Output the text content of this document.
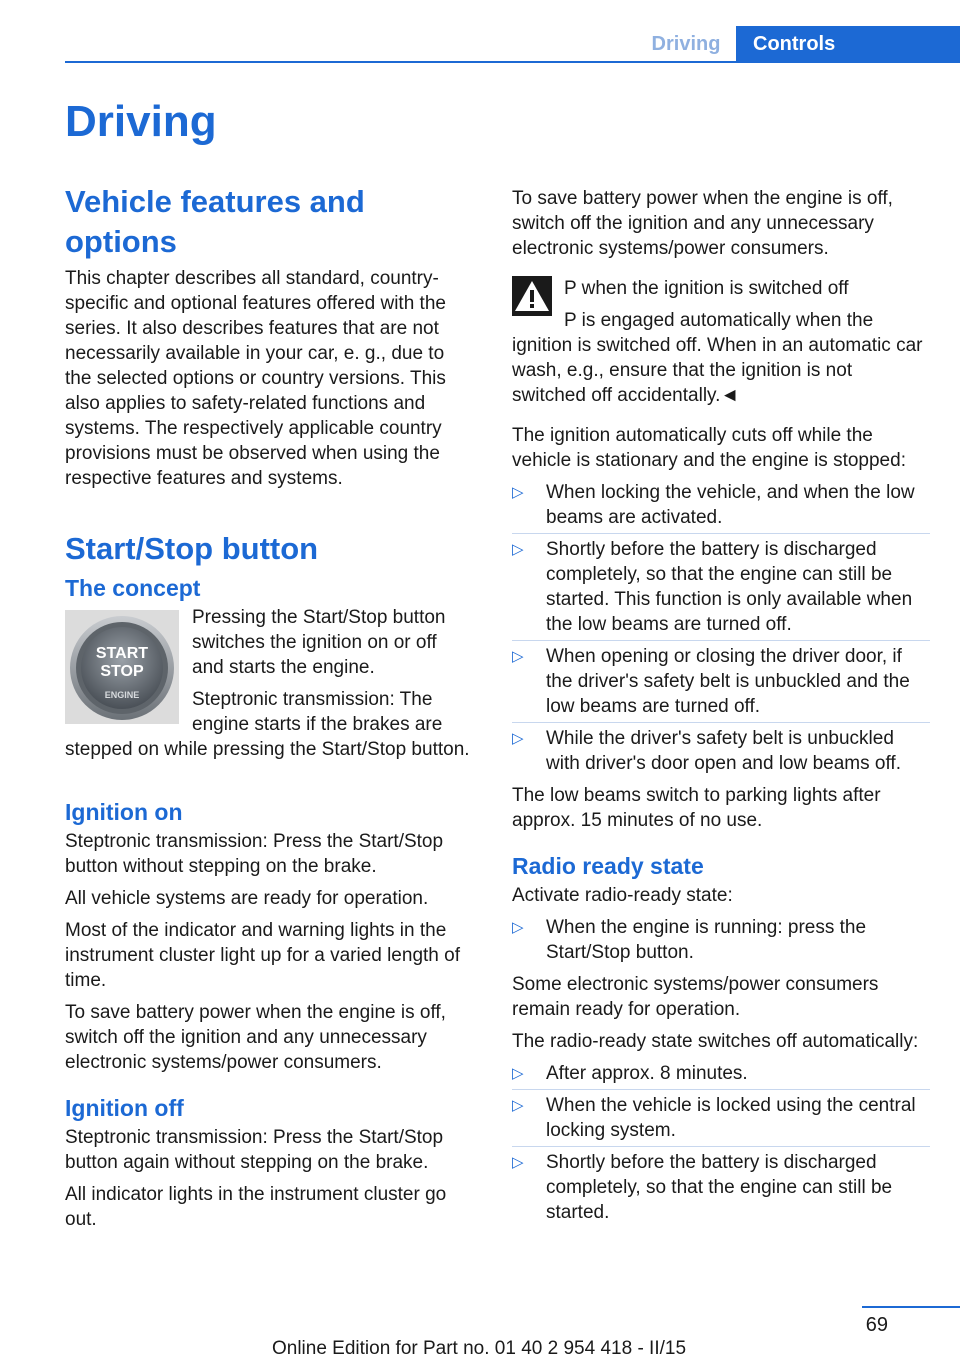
Driving	Controls
Driving
Vehicle features and options

This chapter describes all standard, country-specific and optional features offered with the series. It also describes features that are not necessarily available in your car, e. g., due to the selected options or country versions. This also applies to safety-related functions and systems. The respectively applicable country provisions must be observed when using the respective features and systems.

Start/Stop button
The concept
START
STOP
ENGINE

Pressing the Start/Stop button switches the ignition on or off and starts the engine.

Steptronic transmission: The engine starts if the brakes are stepped on while pressing the Start/Stop button.

Ignition on

Steptronic transmission: Press the Start/Stop button without stepping on the brake.

All vehicle systems are ready for operation.

Most of the indicator and warning lights in the instrument cluster light up for a varied length of time.

To save battery power when the engine is off, switch off the ignition and any unnecessary electronic systems/power consumers.

Ignition off

Steptronic transmission: Press the Start/Stop button again without stepping on the brake.

All indicator lights in the instrument cluster go out.

To save battery power when the engine is off, switch off the ignition and any unnecessary electronic systems/power consumers.

P when the ignition is switched off

P is engaged automatically when the ignition is switched off. When in an automatic car wash, e.g., ensure that the ignition is not switched off accidentally.◄

The ignition automatically cuts off while the vehicle is stationary and the engine is stopped:

▷ When locking the vehicle, and when the low beams are activated.
▷ Shortly before the battery is discharged completely, so that the engine can still be started. This function is only available when the low beams are turned off.
▷ When opening or closing the driver door, if the driver's safety belt is unbuckled and the low beams are turned off.
▷ While the driver's safety belt is unbuckled with driver's door open and low beams off.

The low beams switch to parking lights after approx. 15 minutes of no use.

Radio ready state

Activate radio-ready state:

▷ When the engine is running: press the Start/Stop button.

Some electronic systems/power consumers remain ready for operation.

The radio-ready state switches off automatically:

▷ After approx. 8 minutes.
▷ When the vehicle is locked using the central locking system.
▷ Shortly before the battery is discharged completely, so that the engine can still be started.
69
Online Edition for Part no. 01 40 2 954 418 - II/15
